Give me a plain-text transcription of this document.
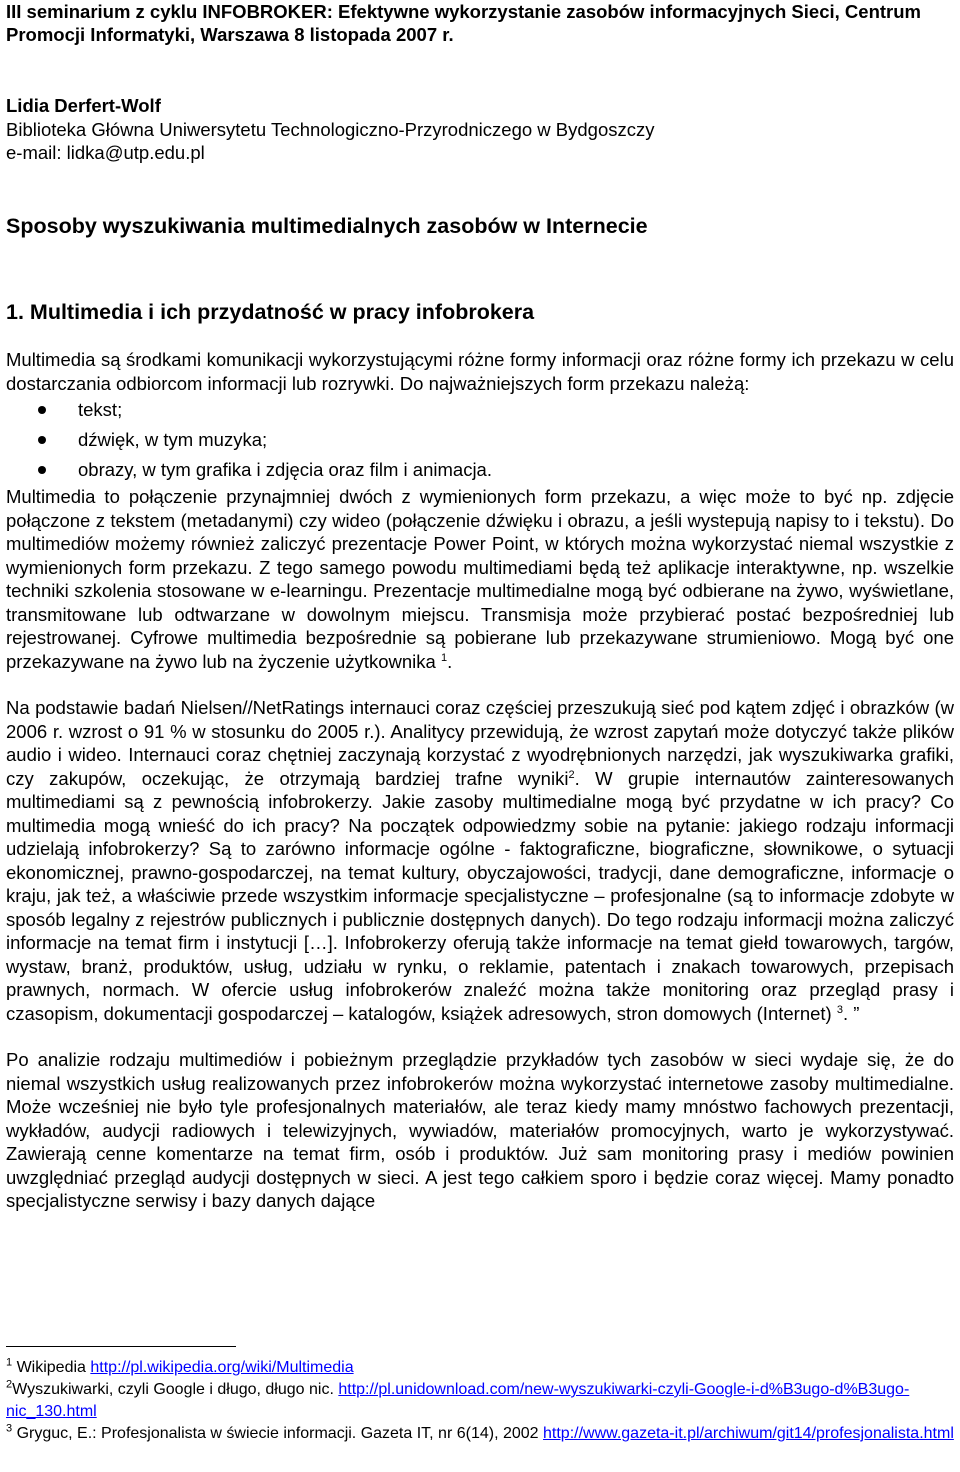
III seminarium z cyklu INFOBROKER: Efektywne wykorzystanie zasobów informacyjnych Sieci, Centrum
Promocji Informatyki, Warszawa 8 listopada 2007 r.
Lidia Derfert-Wolf
Biblioteka Główna Uniwersytetu Technologiczno-Przyrodniczego w Bydgoszczy
e-mail: lidka@utp.edu.pl
Sposoby wyszukiwania multimedialnych zasobów w Internecie
1. Multimedia i ich przydatność w pracy infobrokera

Multimedia są środkami komunikacji wykorzystującymi różne formy informacji oraz różne formy ich przekazu w celu dostarczania odbiorcom informacji lub rozrywki. Do najważniejszych form przekazu należą:

tekst;
dźwięk, w tym muzyka;
obrazy, w tym grafika i zdjęcia oraz film i animacja.

Multimedia to połączenie przynajmniej dwóch z wymienionych form przekazu, a więc może to być np. zdjęcie połączone z tekstem (metadanymi) czy wideo (połączenie dźwięku i obrazu, a jeśli wystepują napisy to i tekstu). Do multimediów możemy również zaliczyć prezentacje Power Point, w których można wykorzystać niemal wszystkie z wymienionych form przekazu. Z tego samego powodu multimediami będą też aplikacje interaktywne, np. wszelkie techniki szkolenia stosowane w e-learningu. Prezentacje multimedialne mogą być odbierane na żywo, wyświetlane, transmitowane lub odtwarzane w dowolnym miejscu. Transmisja może przybierać postać bezpośredniej lub rejestrowanej. Cyfrowe multimedia bezpośrednie są pobierane lub przekazywane strumieniowo. Mogą być one przekazywane na żywo lub na życzenie użytkownika $^1$.

Na podstawie badań Nielsen//NetRatings internauci coraz częściej przeszukują sieć pod kątem zdjęć i obrazków (w 2006 r. wzrost o 91 % w stosunku do 2005 r.). Analitycy przewidują, że wzrost zapytań może dotyczyć także plików audio i wideo. Internauci coraz chętniej zaczynają korzystać z wyodrębnionych narzędzi, jak wyszukiwarka grafiki, czy zakupów, oczekując, że otrzymają bardziej trafne wyniki$^2$. W grupie internautów zainteresowanych multimediami są z pewnością infobrokerzy. Jakie zasoby multimedialne mogą być przydatne w ich pracy? Co multimedia mogą wnieść do ich pracy? Na początek odpowiedzmy sobie na pytanie: jakiego rodzaju informacji udzielają infobrokerzy? Są to zarówno informacje ogólne - faktograficzne, biograficzne, słownikowe, o sytuacji ekonomicznej, prawno-gospodarczej, na temat kultury, obyczajowości, tradycji, dane demograficzne, informacje o kraju, jak też, a właściwie przede wszystkim informacje specjalistyczne – profesjonalne (są to informacje zdobyte w sposób legalny z rejestrów publicznych i publicznie dostępnych danych). Do tego rodzaju informacji można zaliczyć informacje na temat firm i instytucji […]. Infobrokerzy oferują także informacje na temat giełd towarowych, targów, wystaw, branż, produktów, usług, udziału w rynku, o reklamie, patentach i znakach towarowych, przepisach prawnych, normach. W ofercie usług infobrokerów znaleźć można także monitoring oraz przegląd prasy i czasopism, dokumentacji gospodarczej – katalogów, książek adresowych, stron domowych (Internet) $^3$. ”

Po analizie rodzaju multimediów i pobieżnym przeglądzie przykładów tych zasobów w sieci wydaje się, że do niemal wszystkich usług realizowanych przez infobrokerów można wykorzystać internetowe zasoby multimedialne. Może wcześniej nie było tyle profesjonalnych materiałów, ale teraz kiedy mamy mnóstwo fachowych prezentacji, wykładów, audycji radiowych i telewizyjnych, wywiadów, materiałów promocyjnych, warto je wykorzystywać. Zawierają cenne komentarze na temat firm, osób i produktów. Już sam monitoring prasy i mediów powinien uwzględniać przegląd audycji dostępnych w sieci. A jest tego całkiem sporo i będzie coraz więcej. Mamy ponadto specjalistyczne serwisy i bazy danych dające

$^1$ Wikipedia http://pl.wikipedia.org/wiki/Multimedia

$^2$Wyszukiwarki, czyli Google i długo, długo nic. http://pl.unidownload.com/new-wyszukiwarki-czyli-Google-i-d%B3ugo-d%B3ugo-nic_130.html

$^3$ Gryguc, E.: Profesjonalista w świecie informacji. Gazeta IT, nr 6(14), 2002 http://www.gazeta-it.pl/archiwum/git14/profesjonalista.html
